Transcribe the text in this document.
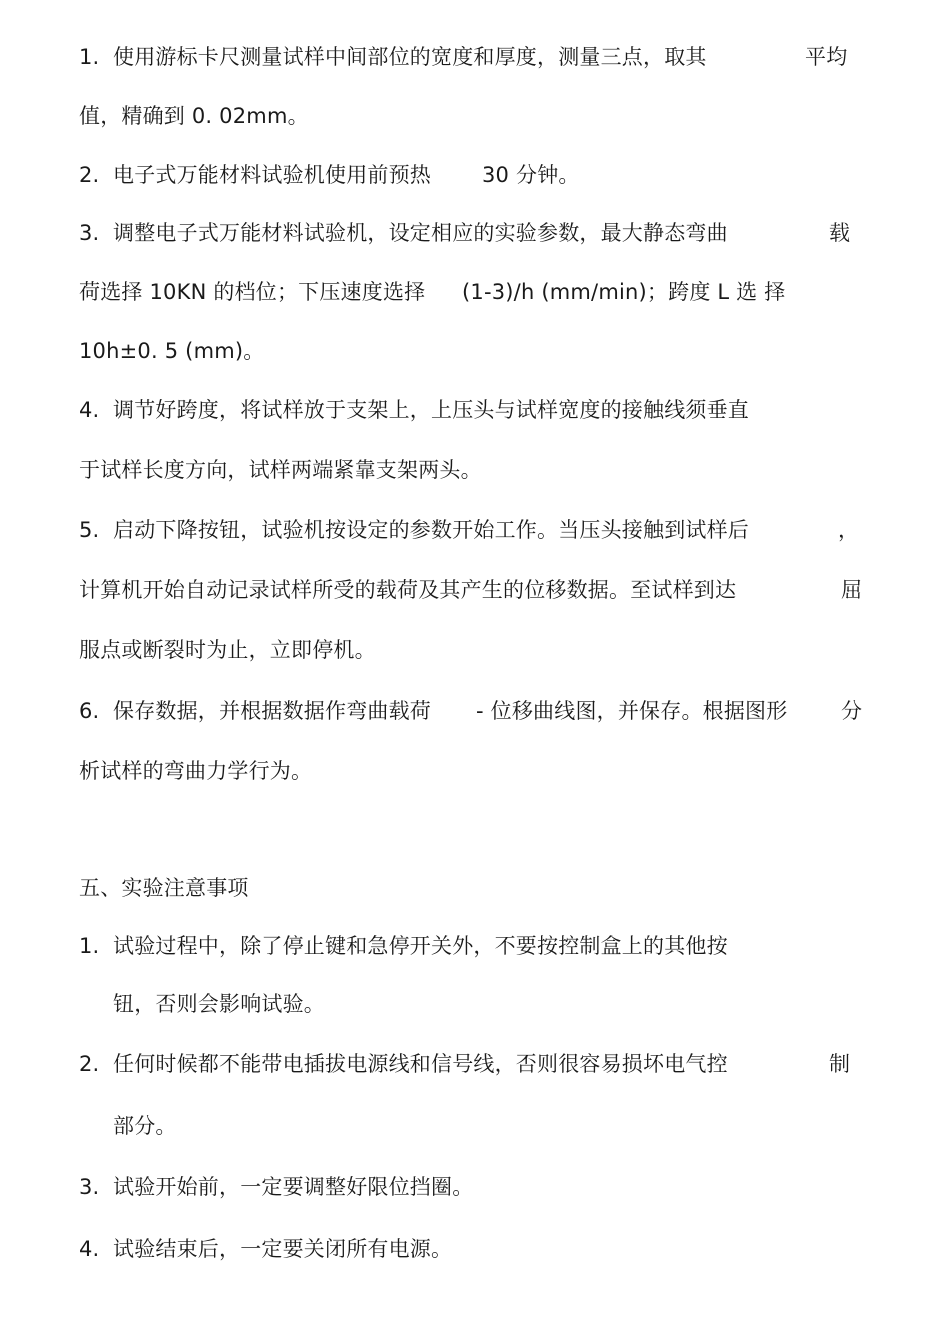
1. 使用游标卡尺测量试样中间部位的宽度和厚度，测量三点，取其	平均
值，精确到 0. 02mm。
2. 电子式万能材料试验机使用前预热 30 分钟。
3. 调整电子式万能材料试验机，设定相应的实验参数，最大静态弯曲	载
荷选择 10KN 的档位；下压速度选择 (1-3)/h (mm/min)；跨度 L 选 择
10h±0. 5 (mm)。
4. 调节好跨度，将试样放于支架上，上压头与试样宽度的接触线须垂直
于试样长度方向，试样两端紧靠支架两头。
5. 启动下降按钮，试验机按设定的参数开始工作。当压头接触到试样后	，
计算机开始自动记录试样所受的载荷及其产生的位移数据。至试样到达	屈
服点或断裂时为止，立即停机。
6. 保存数据，并根据数据作弯曲载荷 - 位移曲线图，并保存。根据图形	分
析试样的弯曲力学行为。
五、实验注意事项
1. 试验过程中，除了停止键和急停开关外，不要按控制盒上的其他按
钮，否则会影响试验。
2. 任何时候都不能带电插拔电源线和信号线，否则很容易损坏电气控	制
部分。
3. 试验开始前，一定要调整好限位挡圈。
4. 试验结束后，一定要关闭所有电源。
